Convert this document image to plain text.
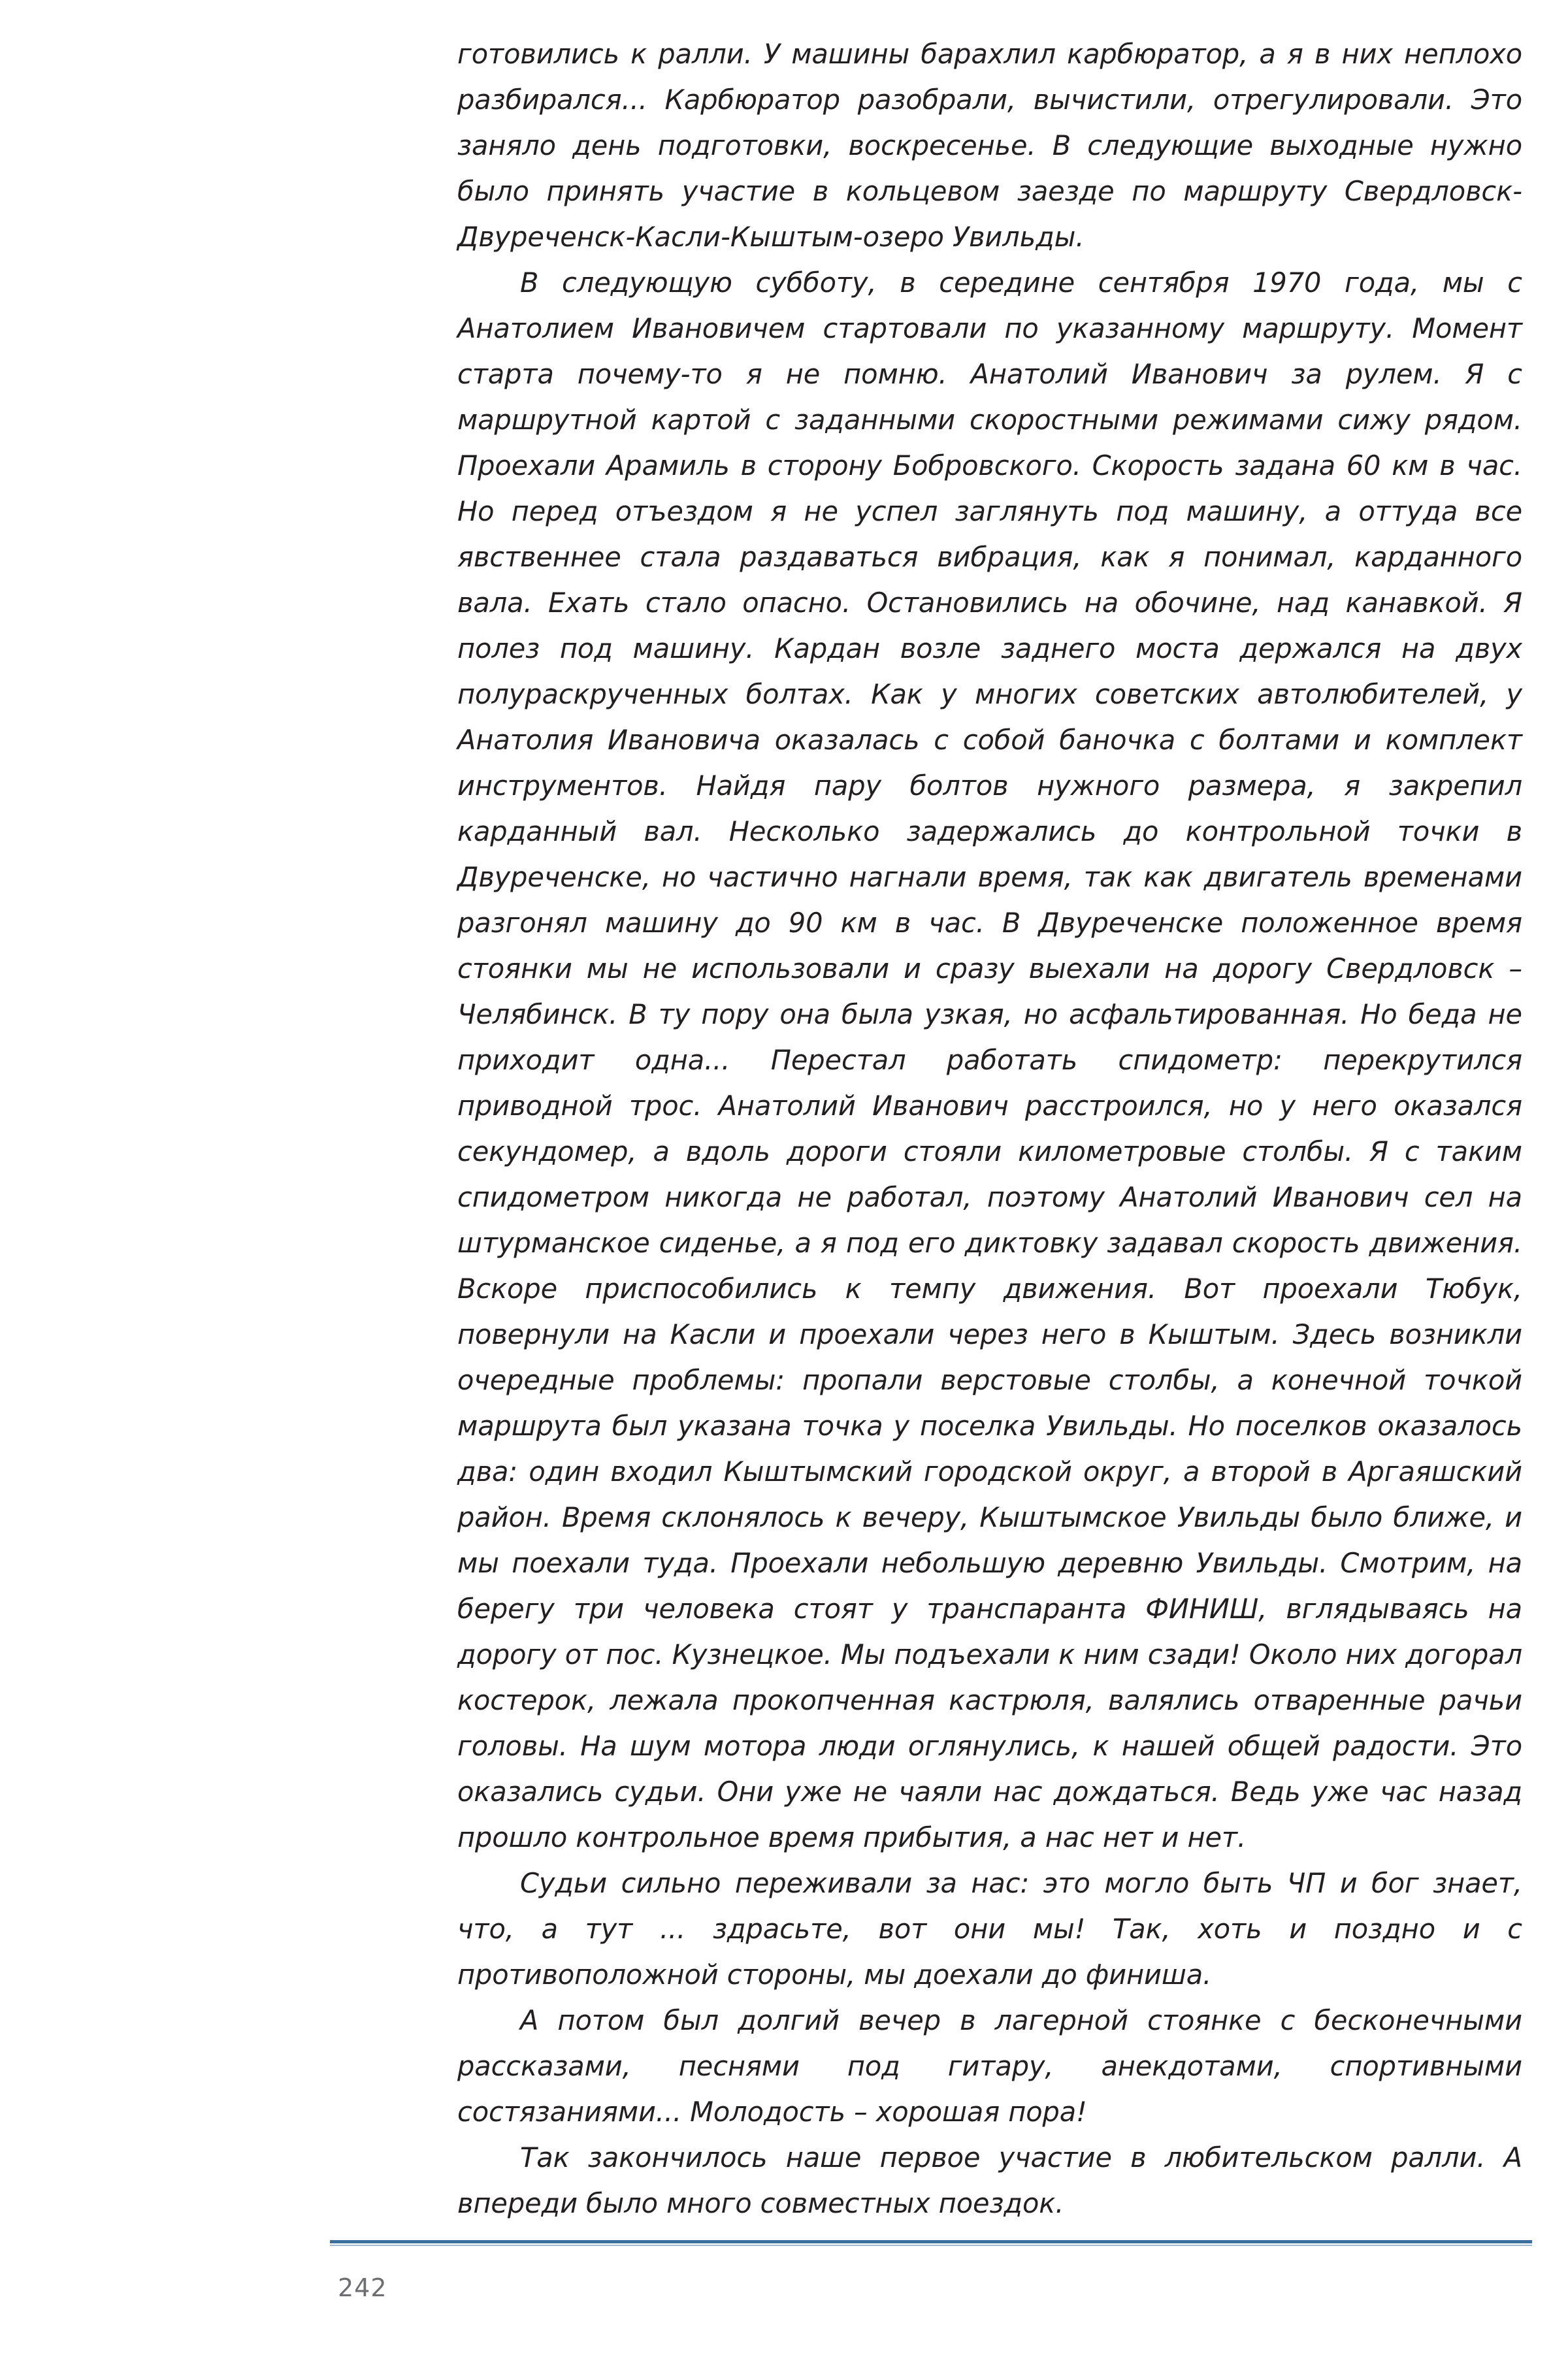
готовились к ралли. У машины барахлил карбюратор, а я в них неплохо разбирался... Карбюратор разобрали, вычистили, отрегулировали. Это заняло день подготовки, воскресенье. В следующие выходные нужно было принять участие в кольцевом заезде по маршруту Свердловск-Двуреченск-Касли-Кыштым-озеро Увильды.

В следующую субботу, в середине сентября 1970 года, мы с Анатолием Ивановичем стартовали по указанному маршруту. Момент старта почему-то я не помню. Анатолий Иванович за рулем. Я с маршрутной картой с заданными скоростными режимами сижу рядом. Проехали Арамиль в сторону Бобровского. Скорость задана 60 км в час. Но перед отъездом я не успел заглянуть под машину, а оттуда все явственнее стала раздаваться вибрация, как я понимал, карданного вала. Ехать стало опасно. Остановились на обочине, над канавкой. Я полез под машину. Кардан возле заднего моста держался на двух полураскрученных болтах. Как у многих советских автолюбителей, у Анатолия Ивановича оказалась с собой баночка с болтами и комплект инструментов. Найдя пару болтов нужного размера, я закрепил карданный вал. Несколько задержались до контрольной точки в Двуреченске, но частично нагнали время, так как двигатель временами разгонял машину до 90 км в час. В Двуреченске положенное время стоянки мы не использовали и сразу выехали на дорогу Свердловск – Челябинск. В ту пору она была узкая, но асфальтированная. Но беда не приходит одна... Перестал работать спидометр: перекрутился приводной трос. Анатолий Иванович расстроился, но у него оказался секундомер, а вдоль дороги стояли километровые столбы. Я с таким спидометром никогда не работал, поэтому Анатолий Иванович сел на штурманское сиденье, а я под его диктовку задавал скорость движения. Вскоре приспособились к темпу движения. Вот проехали Тюбук, повернули на Касли и проехали через него в Кыштым. Здесь возникли очередные проблемы: пропали верстовые столбы, а конечной точкой маршрута был указана точка у поселка Увильды. Но поселков оказалось два: один входил Кыштымский городской округ, а второй в Аргаяшский район. Время склонялось к вечеру, Кыштымское Увильды было ближе, и мы поехали туда. Проехали небольшую деревню Увильды. Смотрим, на берегу три человека стоят у транспаранта ФИНИШ, вглядываясь на дорогу от пос. Кузнецкое. Мы подъехали к ним сзади! Около них догорал костерок, лежала прокопченная кастрюля, валялись отваренные рачьи головы. На шум мотора люди оглянулись, к нашей общей радости. Это оказались судьи. Они уже не чаяли нас дождаться. Ведь уже час назад прошло контрольное время прибытия, а нас нет и нет.

Судьи сильно переживали за нас: это могло быть ЧП и бог знает, что, а тут ... здрасьте, вот они мы! Так, хоть и поздно и с противоположной стороны, мы доехали до финиша.

А потом был долгий вечер в лагерной стоянке с бесконечными рассказами, песнями под гитару, анекдотами, спортивными состязаниями... Молодость – хорошая пора!

Так закончилось наше первое участие в любительском ралли. А впереди было много совместных поездок.

242
